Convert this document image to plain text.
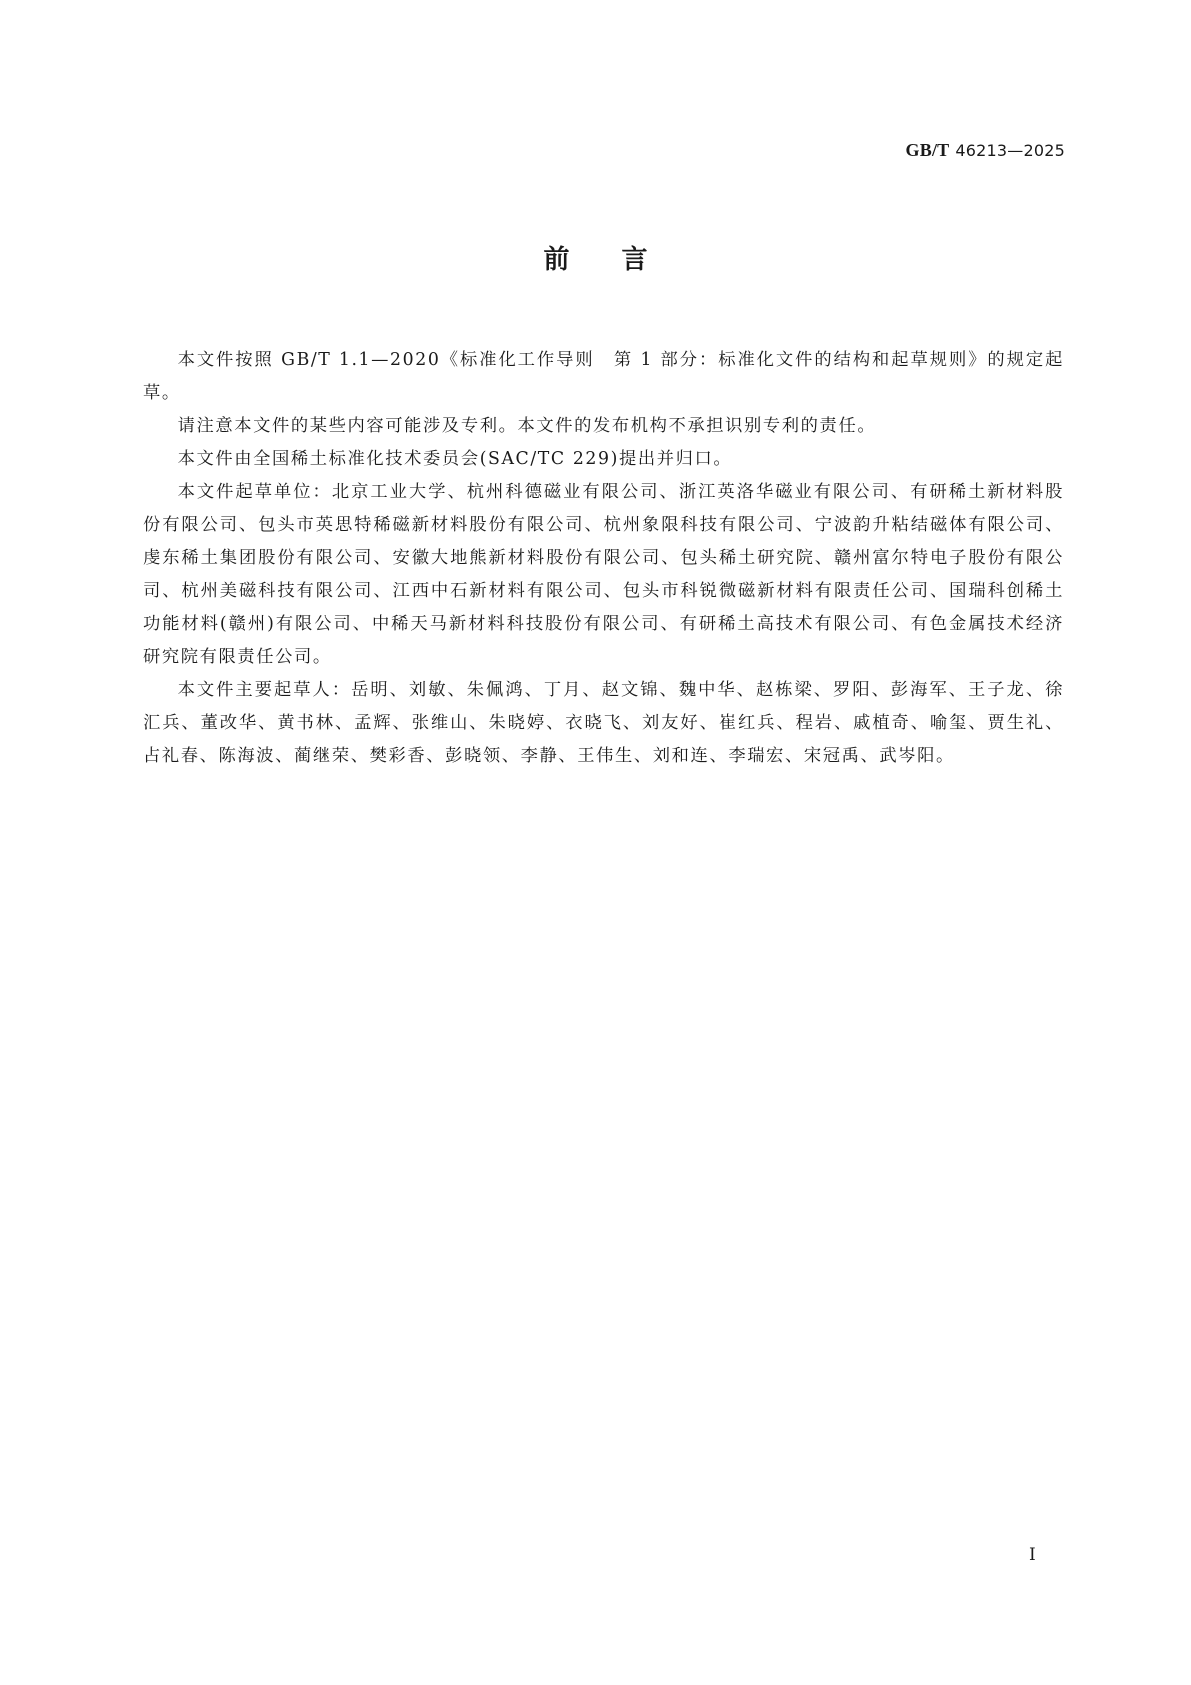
GB/T 46213—2025
前 言

本文件按照 GB/T 1.1—2020《标准化工作导则　第 1 部分：标准化文件的结构和起草规则》的规定起草。

请注意本文件的某些内容可能涉及专利。本文件的发布机构不承担识别专利的责任。

本文件由全国稀土标准化技术委员会(SAC/TC 229)提出并归口。

本文件起草单位：北京工业大学、杭州科德磁业有限公司、浙江英洛华磁业有限公司、有研稀土新材料股份有限公司、包头市英思特稀磁新材料股份有限公司、杭州象限科技有限公司、宁波韵升粘结磁体有限公司、虔东稀土集团股份有限公司、安徽大地熊新材料股份有限公司、包头稀土研究院、赣州富尔特电子股份有限公司、杭州美磁科技有限公司、江西中石新材料有限公司、包头市科锐微磁新材料有限责任公司、国瑞科创稀土功能材料(赣州)有限公司、中稀天马新材料科技股份有限公司、有研稀土高技术有限公司、有色金属技术经济研究院有限责任公司。

本文件主要起草人：岳明、刘敏、朱佩鸿、丁月、赵文锦、魏中华、赵栋梁、罗阳、彭海军、王子龙、徐汇兵、董改华、黄书林、孟辉、张维山、朱晓婷、衣晓飞、刘友好、崔红兵、程岩、戚植奇、喻玺、贾生礼、占礼春、陈海波、蔺继荣、樊彩香、彭晓领、李静、王伟生、刘和连、李瑞宏、宋冠禹、武岑阳。

Ⅰ
